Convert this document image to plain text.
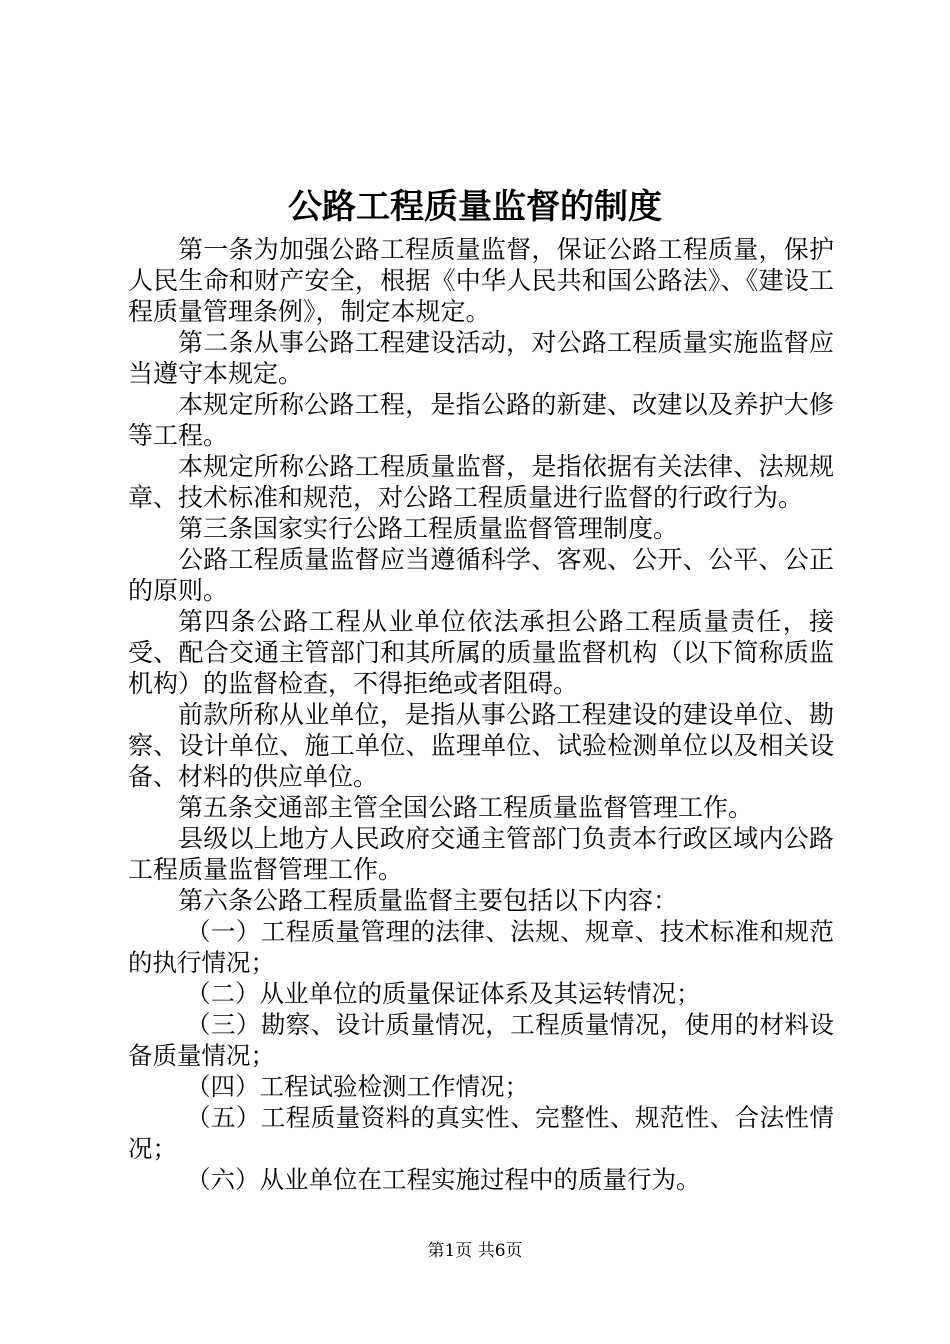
公路工程质量监督的制度

第一条为加强公路工程质量监督，保证公路工程质量，保护人民生命和财产安全，根据《中华人民共和国公路法》、《建设工程质量管理条例》，制定本规定。

第二条从事公路工程建设活动，对公路工程质量实施监督应当遵守本规定。

本规定所称公路工程，是指公路的新建、改建以及养护大修等工程。

本规定所称公路工程质量监督，是指依据有关法律、法规规章、技术标准和规范，对公路工程质量进行监督的行政行为。

第三条国家实行公路工程质量监督管理制度。

公路工程质量监督应当遵循科学、客观、公开、公平、公正的原则。

第四条公路工程从业单位依法承担公路工程质量责任，接受、配合交通主管部门和其所属的质量监督机构（以下简称质监机构）的监督检查，不得拒绝或者阻碍。

前款所称从业单位，是指从事公路工程建设的建设单位、勘察、设计单位、施工单位、监理单位、试验检测单位以及相关设备、材料的供应单位。

第五条交通部主管全国公路工程质量监督管理工作。

县级以上地方人民政府交通主管部门负责本行政区域内公路工程质量监督管理工作。

第六条公路工程质量监督主要包括以下内容：

（一）工程质量管理的法律、法规、规章、技术标准和规范的执行情况；

（二）从业单位的质量保证体系及其运转情况；

（三）勘察、设计质量情况，工程质量情况，使用的材料设备质量情况；

（四）工程试验检测工作情况；

（五）工程质量资料的真实性、完整性、规范性、合法性情况；

（六）从业单位在工程实施过程中的质量行为。

第1页 共6页
